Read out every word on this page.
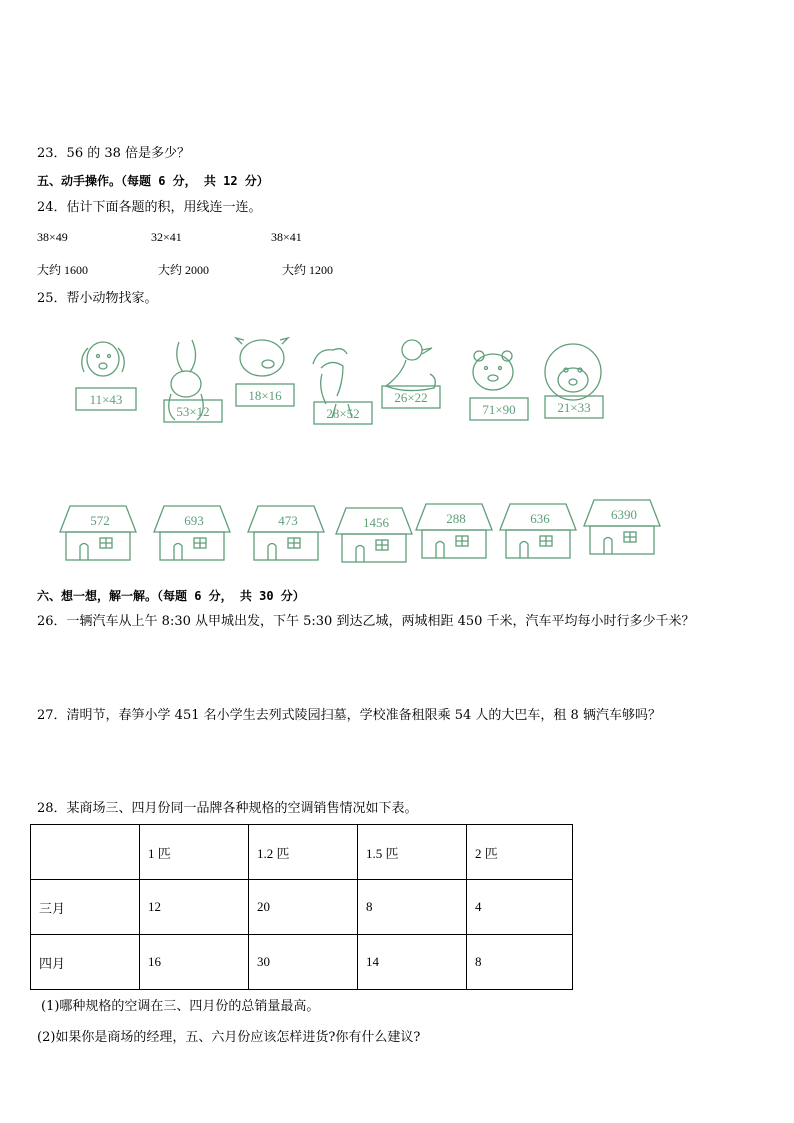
23．56 的 38 倍是多少？
五、动手操作。（每题 6 分， 共 12 分）
24．估计下面各题的积，用线连一连。
38×49	32×41	38×41
大约 1600	大约 2000	大约 1200
25．帮小动物找家。
11×43
53×12
18×16
28×52
26×22
71×90	21×33
572	693	473	1456	288	636	6390
六、想一想，解一解。（每题 6 分， 共 30 分）
26．一辆汽车从上午 8:30 从甲城出发，下午 5:30 到达乙城，两城相距 450 千米，汽车平均每小时行多少千米？
27．清明节，春笋小学 451 名小学生去列式陵园扫墓，学校准备租限乘 54 人的大巴车，租 8 辆汽车够吗？
28．某商场三、四月份同一品牌各种规格的空调销售情况如下表。
	1 匹	1.2 匹	1.5 匹	2 匹
三月	12	20	8	4
四月	16	30	14	8
(1)哪种规格的空调在三、四月份的总销量最高。
(2)如果你是商场的经理，五、六月份应该怎样进货?你有什么建议?
